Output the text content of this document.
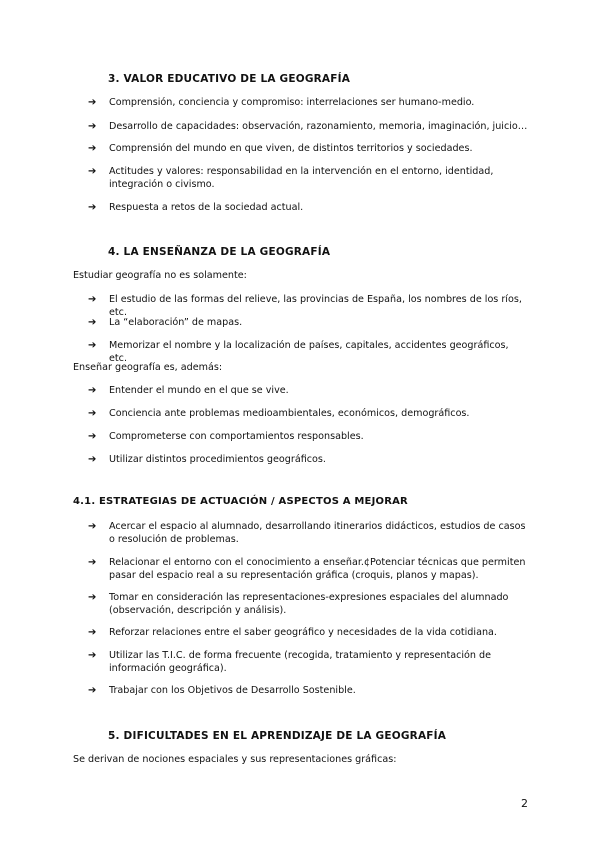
3. VALOR EDUCATIVO DE LA GEOGRAFÍA
➔ Comprensión, conciencia y compromiso: interrelaciones ser humano-medio.
➔ Desarrollo de capacidades: observación, razonamiento, memoria, imaginación, juicio…
➔ Comprensión del mundo en que viven, de distintos territorios y sociedades.
➔ Actitudes y valores: responsabilidad en la intervención en el entorno, identidad, integración o civismo.
➔ Respuesta a retos de la sociedad actual.
4. LA ENSEÑANZA DE LA GEOGRAFÍA
Estudiar geografía no es solamente:
➔ El estudio de las formas del relieve, las provincias de España, los nombres de los ríos, etc.
➔ La “elaboración” de mapas.
➔ Memorizar el nombre y la localización de países, capitales, accidentes geográficos, etc.
Enseñar geografía es, además:
➔ Entender el mundo en el que se vive.
➔ Conciencia ante problemas medioambientales, económicos, demográficos.
➔ Comprometerse con comportamientos responsables.
➔ Utilizar distintos procedimientos geográficos.
4.1. ESTRATEGIAS DE ACTUACIÓN / ASPECTOS A MEJORAR
➔ Acercar el espacio al alumnado, desarrollando itinerarios didácticos, estudios de casos o resolución de problemas.
➔ Relacionar el entorno con el conocimiento a enseñar.¢Potenciar técnicas que permiten pasar del espacio real a su representación gráfica (croquis, planos y mapas).
➔ Tomar en consideración las representaciones-expresiones espaciales del alumnado (observación, descripción y análisis).
➔ Reforzar relaciones entre el saber geográfico y necesidades de la vida cotidiana.
➔ Utilizar las T.I.C. de forma frecuente (recogida, tratamiento y representación de información geográfica).
➔ Trabajar con los Objetivos de Desarrollo Sostenible.
5. DIFICULTADES EN EL APRENDIZAJE DE LA GEOGRAFÍA
Se derivan de nociones espaciales y sus representaciones gráficas:
2
